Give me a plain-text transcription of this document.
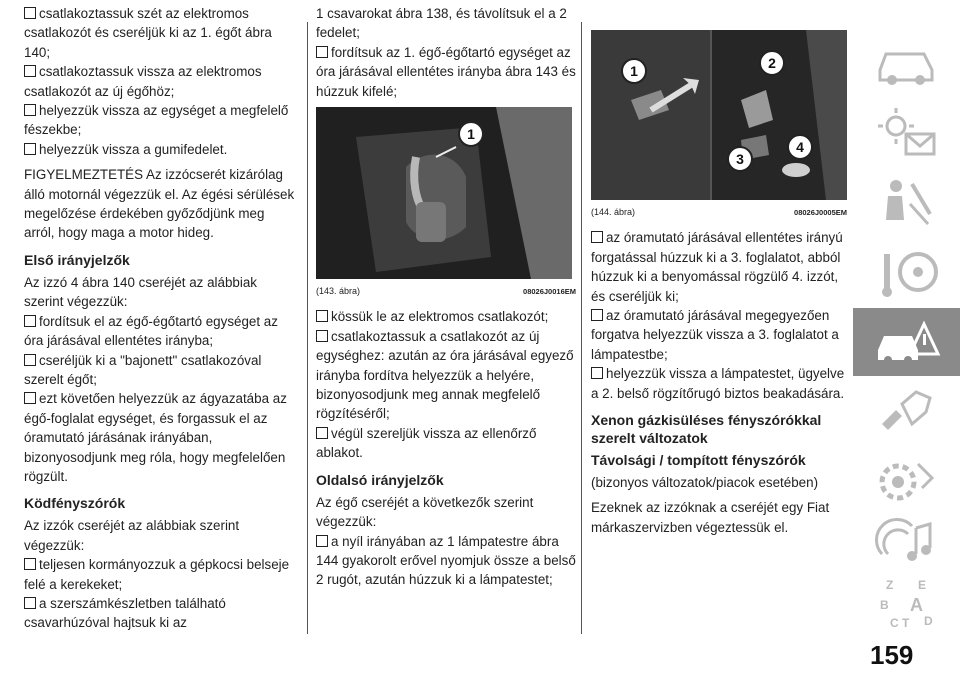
csatlakoztassuk szét az elektromos csatlakozót és cseréljük ki az 1. égőt ábra 140;

csatlakoztassuk vissza az elektromos csatlakozót az új égőhöz;

helyezzük vissza az egységet a megfelelő fészekbe;

helyezzük vissza a gumifedelet.

FIGYELMEZTETÉS Az izzócserét kizárólag álló motornál végezzük el. Az égési sérülések megelőzése érdekében győződjünk meg arról, hogy maga a motor hideg.

Első irányjelzők

Az izzó 4 ábra 140 cseréjét az alábbiak szerint végezzük:

fordítsuk el az égő-égőtartó egységet az óra járásával ellentétes irányba;

cseréljük ki a "bajonett" csatlakozóval szerelt égőt;

ezt követően helyezzük az ágyazatába az égő-foglalat egységet, és forgassuk el az óramutató járásának irányában, bizonyosodjunk meg róla, hogy megfelelően rögzült.

Ködfényszórók

Az izzók cseréjét az alábbiak szerint végezzük:

teljesen kormányozzuk a gépkocsi belseje felé a kerekeket;

a szerszámkészletben található csavarhúzóval hajtsuk ki az

1 csavarokat ábra 138, és távolítsuk el a 2 fedelet;

fordítsuk az 1. égő-égőtartó egységet az óra járásával ellentétes irányba ábra 143 és húzzuk kifelé;

1
(143. ábra)	08026J0016EM

kössük le az elektromos csatlakozót;

csatlakoztassuk a csatlakozót az új egységhez: azután az óra járásával egyező irányba fordítva helyezzük a helyére, bizonyosodjunk meg annak megfelelő rögzítéséről;

végül szereljük vissza az ellenőrző ablakot.

Oldalsó irányjelzők

Az égő cseréjét a következők szerint végezzük:

a nyíl irányában az 1 lámpatestre ábra 144 gyakorolt erővel nyomjuk össze a belső 2 rugót, azután húzzuk ki a lámpatestet;

1	2
3
4
(144. ábra)	08026J0005EM

az óramutató járásával ellentétes irányú forgatással húzzuk ki a 3. foglalatot, abból húzzuk ki a benyomással rögzülő 4. izzót, és cseréljük ki;

az óramutató járásával megegyezően forgatva helyezzük vissza a 3. foglalatot a lámpatestbe;

helyezzük vissza a lámpatestet, ügyelve a 2. belső rögzítőrugó biztos beakadására.

Xenon gázkisüléses fényszórókkal szerelt változatok
Távolsági / tompított fényszórók

(bizonyos változatok/piacok esetében)

Ezeknek az izzóknak a cseréjét egy Fiat márkaszervizben végeztessük el.

Z E
B A
C T D
159
